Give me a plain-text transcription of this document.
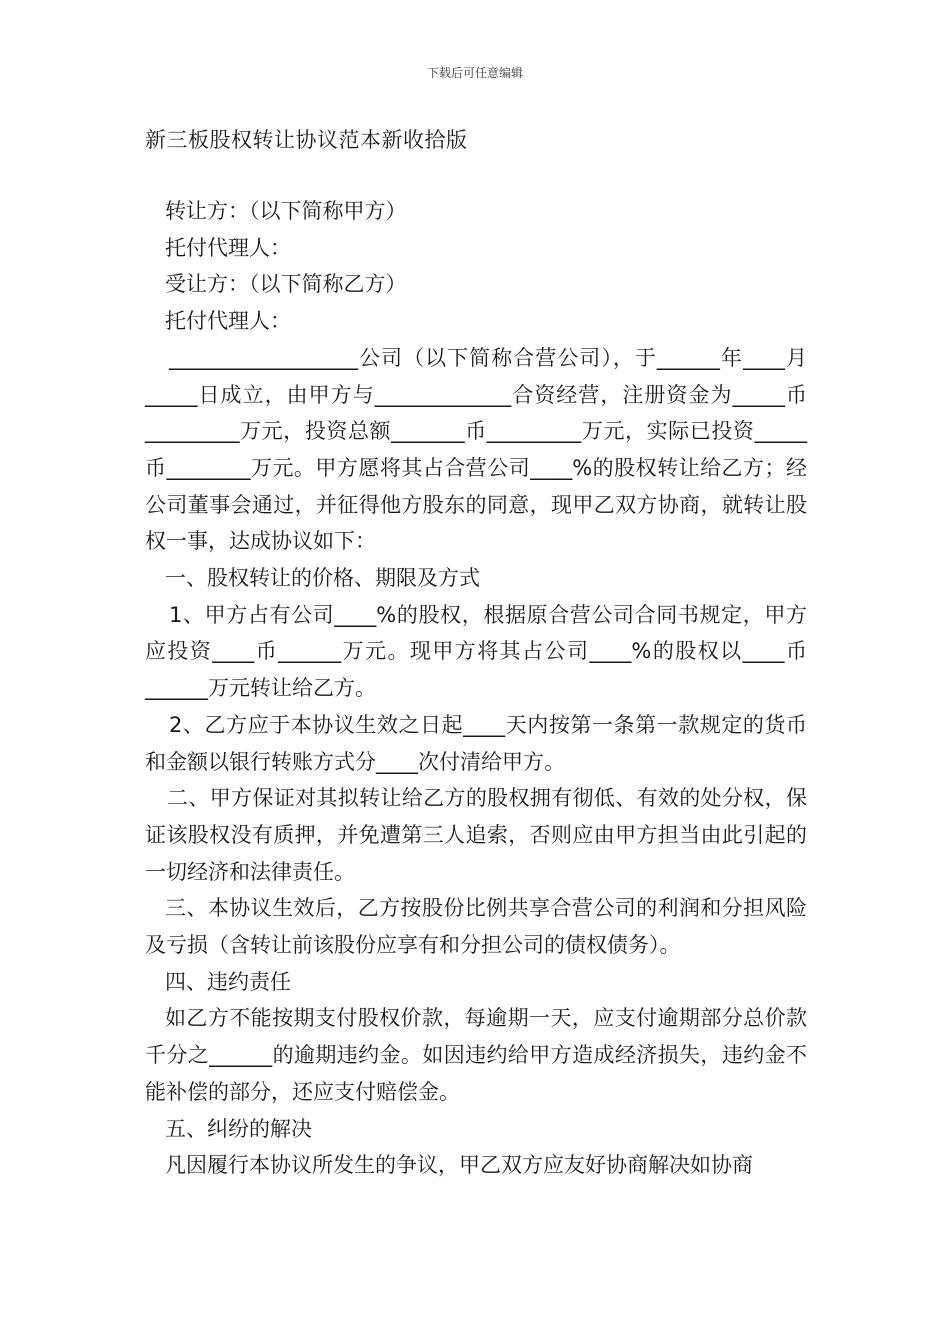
下载后可任意编辑
新三板股权转让协议范本新收拾版

转让方：（以下简称甲方）

托付代理人：

受让方：（以下简称乙方）

托付代理人：

__________________公司（以下简称合营公司），于______年____月_____日成立，由甲方与_____________合资经营，注册资金为_____币_________万元，投资总额_______币_________万元，实际已投资_____币________万元。甲方愿将其占合营公司____%的股权转让给乙方；经公司董事会通过，并征得他方股东的同意，现甲乙双方协商，就转让股权一事，达成协议如下：

一、股权转让的价格、期限及方式

1、甲方占有公司____%的股权，根据原合营公司合同书规定，甲方应投资____币______万元。现甲方将其占公司____%的股权以____币______万元转让给乙方。

2、乙方应于本协议生效之日起____天内按第一条第一款规定的货币和金额以银行转账方式分____次付清给甲方。

二、甲方保证对其拟转让给乙方的股权拥有彻低、有效的处分权，保证该股权没有质押，并免遭第三人追索，否则应由甲方担当由此引起的一切经济和法律责任。

三、本协议生效后，乙方按股份比例共享合营公司的利润和分担风险及亏损（含转让前该股份应享有和分担公司的债权债务）。

四、违约责任

如乙方不能按期支付股权价款，每逾期一天，应支付逾期部分总价款千分之______的逾期违约金。如因违约给甲方造成经济损失，违约金不能补偿的部分，还应支付赔偿金。

五、纠纷的解决

凡因履行本协议所发生的争议，甲乙双方应友好协商解决如协商
